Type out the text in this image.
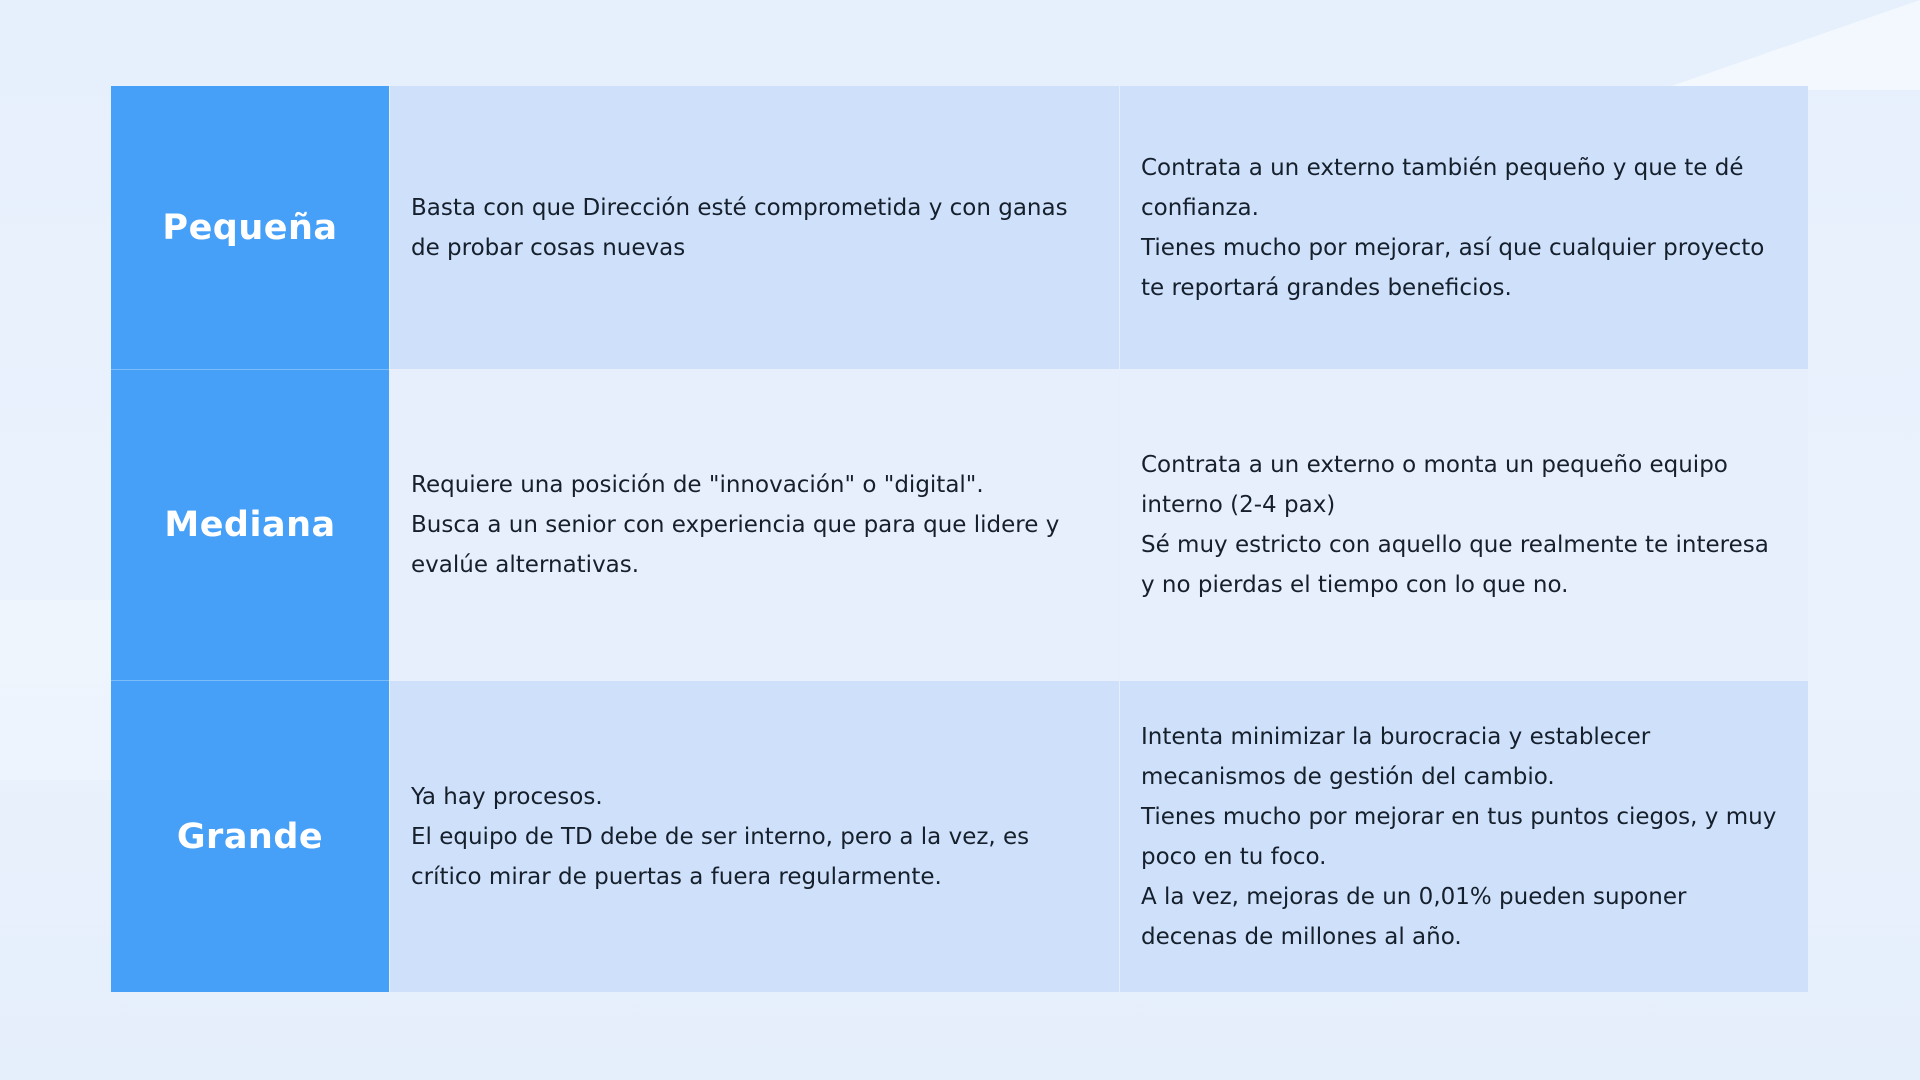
Pequeña	Basta con que Dirección esté comprometida y con ganas de probar cosas nuevas
Contrata a un externo también pequeño y que te dé confianza.
Tienes mucho por mejorar, así que cualquier proyecto te reportará grandes beneficios.
Mediana
Requiere una posición de "innovación" o "digital".
Busca a un senior con experiencia que para que lidere y evalúe alternativas.
Contrata a un externo o monta un pequeño equipo interno (2-4 pax)
Sé muy estricto con aquello que realmente te interesa y no pierdas el tiempo con lo que no.
Grande
Ya hay procesos.
El equipo de TD debe de ser interno, pero a la vez, es crítico mirar de puertas a fuera regularmente.
Intenta minimizar la burocracia y establecer mecanismos de gestión del cambio.
Tienes mucho por mejorar en tus puntos ciegos, y muy poco en tu foco.
A la vez, mejoras de un 0,01% pueden suponer decenas de millones al año.
